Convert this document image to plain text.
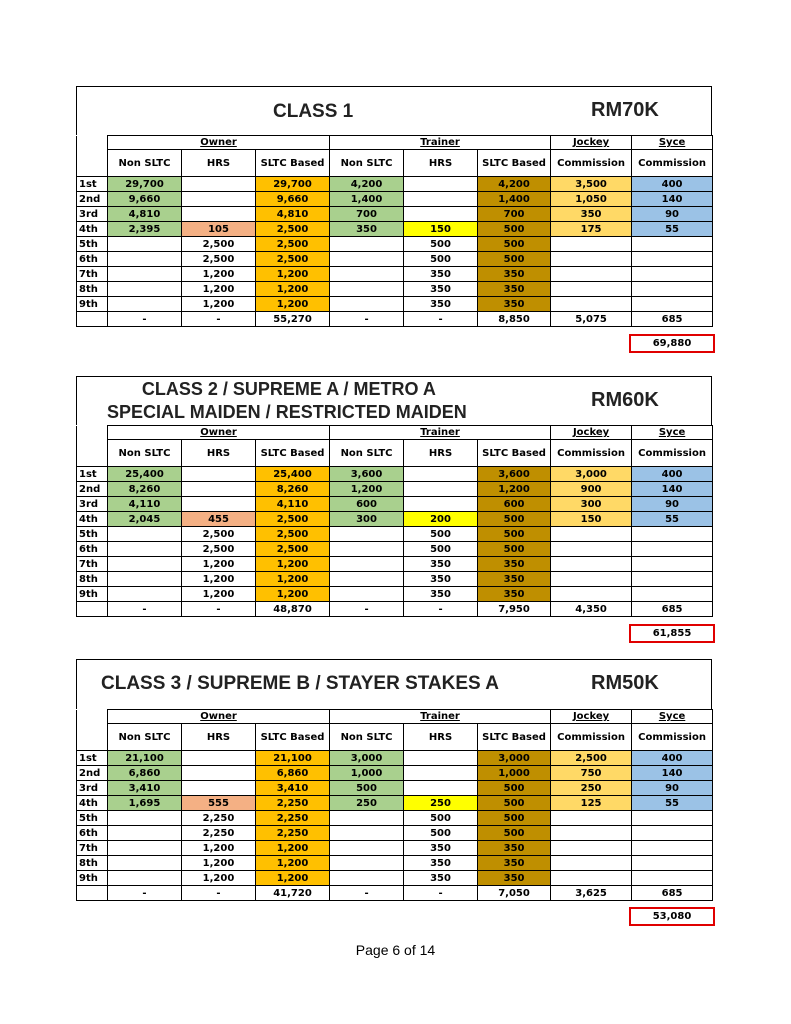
CLASS 1	RM70K
	Owner			Trainer			Jockey	Syce
	Non SLTC	HRS	SLTC Based	Non SLTC	HRS	SLTC Based	Commission	Commission
1st	29,700		29,700	4,200		4,200	3,500	400
2nd	9,660		9,660	1,400		1,400	1,050	140
3rd	4,810		4,810	700		700	350	90
4th	2,395	105	2,500	350	150	500	175	55
5th		2,500	2,500		500	500		
6th		2,500	2,500		500	500		
7th		1,200	1,200		350	350		
8th		1,200	1,200		350	350		
9th		1,200	1,200		350	350		
	-	-	55,270	-	-	8,850	5,075	685
69,880
CLASS 2 / SUPREME A / METRO A
SPECIAL MAIDEN / RESTRICTED MAIDEN
RM60K
	Owner			Trainer			Jockey	Syce
	Non SLTC	HRS	SLTC Based	Non SLTC	HRS	SLTC Based	Commission	Commission
1st	25,400		25,400	3,600		3,600	3,000	400
2nd	8,260		8,260	1,200		1,200	900	140
3rd	4,110		4,110	600		600	300	90
4th	2,045	455	2,500	300	200	500	150	55
5th		2,500	2,500		500	500		
6th		2,500	2,500		500	500		
7th		1,200	1,200		350	350		
8th		1,200	1,200		350	350		
9th		1,200	1,200		350	350		
	-	-	48,870	-	-	7,950	4,350	685
61,855
CLASS 3 / SUPREME B / STAYER STAKES A	RM50K
	Owner			Trainer			Jockey	Syce
	Non SLTC	HRS	SLTC Based	Non SLTC	HRS	SLTC Based	Commission	Commission
1st	21,100		21,100	3,000		3,000	2,500	400
2nd	6,860		6,860	1,000		1,000	750	140
3rd	3,410		3,410	500		500	250	90
4th	1,695	555	2,250	250	250	500	125	55
5th		2,250	2,250		500	500		
6th		2,250	2,250		500	500		
7th		1,200	1,200		350	350		
8th		1,200	1,200		350	350		
9th		1,200	1,200		350	350		
	-	-	41,720	-	-	7,050	3,625	685
53,080
Page 6 of 14
